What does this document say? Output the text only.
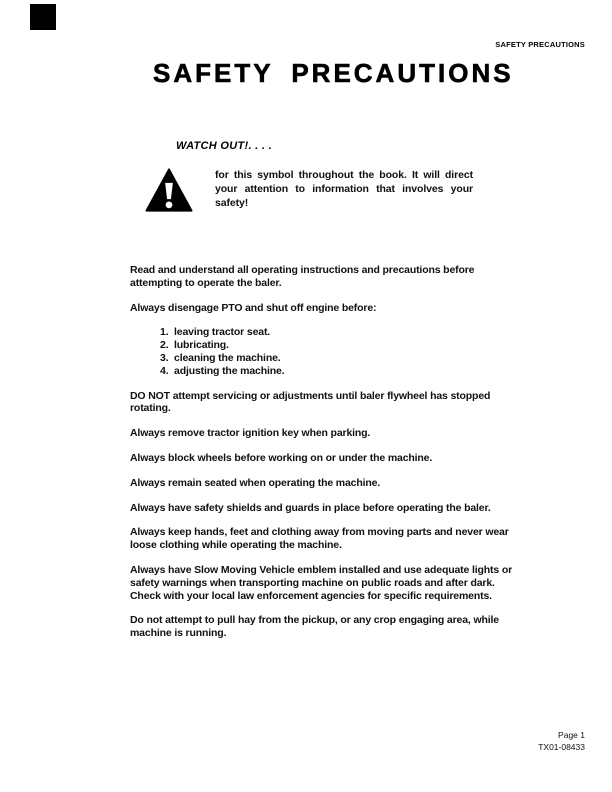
SAFETY PRECAUTIONS
SAFETY PRECAUTIONS
WATCH OUT!. . . .

for this symbol throughout the book. It will direct your attention to information that involves your safety!

Read and understand all operating instructions and precautions before attempting to operate the baler.

Always disengage PTO and shut off engine before:

1. leaving tractor seat.
2. lubricating.
3. cleaning the machine.
4. adjusting the machine.

DO NOT attempt servicing or adjustments until baler flywheel has stopped rotating.

Always remove tractor ignition key when parking.

Always block wheels before working on or under the machine.

Always remain seated when operating the machine.

Always have safety shields and guards in place before operating the baler.

Always keep hands, feet and clothing away from moving parts and never wear loose clothing while operating the machine.

Always have Slow Moving Vehicle emblem installed and use adequate lights or safety warnings when transporting machine on public roads and after dark. Check with your local law enforcement agencies for specific requirements.

Do not attempt to pull hay from the pickup, or any crop engaging area, while machine is running.

Page 1
TX01-08433
